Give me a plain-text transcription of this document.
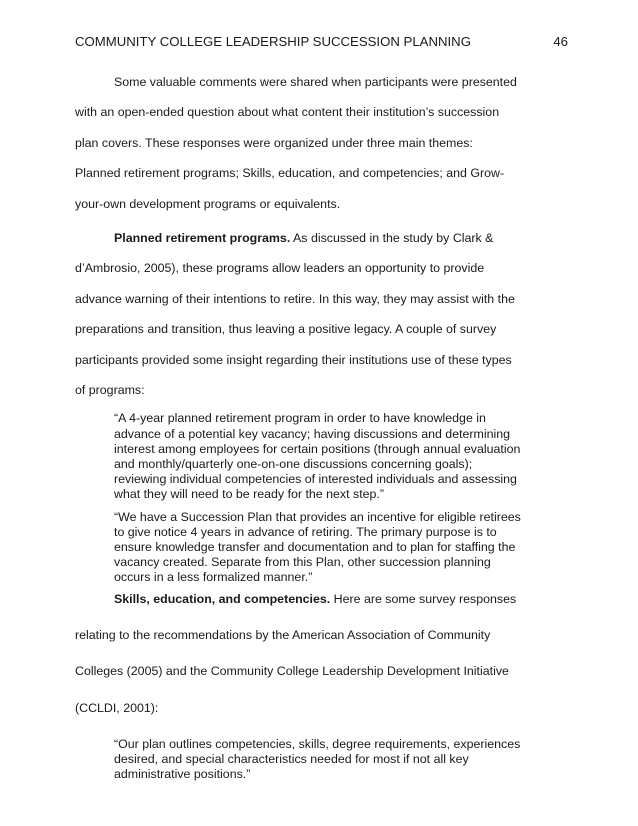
COMMUNITY COLLEGE LEADERSHIP SUCCESSION PLANNING	46

Some valuable comments were shared when participants were presented

with an open-ended question about what content their institution’s succession

plan covers. These responses were organized under three main themes:

Planned retirement programs; Skills, education, and competencies; and Grow-

your-own development programs or equivalents.

Planned retirement programs. As discussed in the study by Clark &

d’Ambrosio, 2005), these programs allow leaders an opportunity to provide

advance warning of their intentions to retire. In this way, they may assist with the

preparations and transition, thus leaving a positive legacy. A couple of survey

participants provided some insight regarding their institutions use of these types

of programs:

“A 4-year planned retirement program in order to have knowledge in
advance of a potential key vacancy; having discussions and determining
interest among employees for certain positions (through annual evaluation
and monthly/quarterly one-on-one discussions concerning goals);
reviewing individual competencies of interested individuals and assessing
what they will need to be ready for the next step.”
“We have a Succession Plan that provides an incentive for eligible retirees
to give notice 4 years in advance of retiring. The primary purpose is to
ensure knowledge transfer and documentation and to plan for staffing the
vacancy created. Separate from this Plan, other succession planning
occurs in a less formalized manner.”

Skills, education, and competencies. Here are some survey responses

relating to the recommendations by the American Association of Community

Colleges (2005) and the Community College Leadership Development Initiative

(CCLDI, 2001):

“Our plan outlines competencies, skills, degree requirements, experiences
desired, and special characteristics needed for most if not all key
administrative positions.”
